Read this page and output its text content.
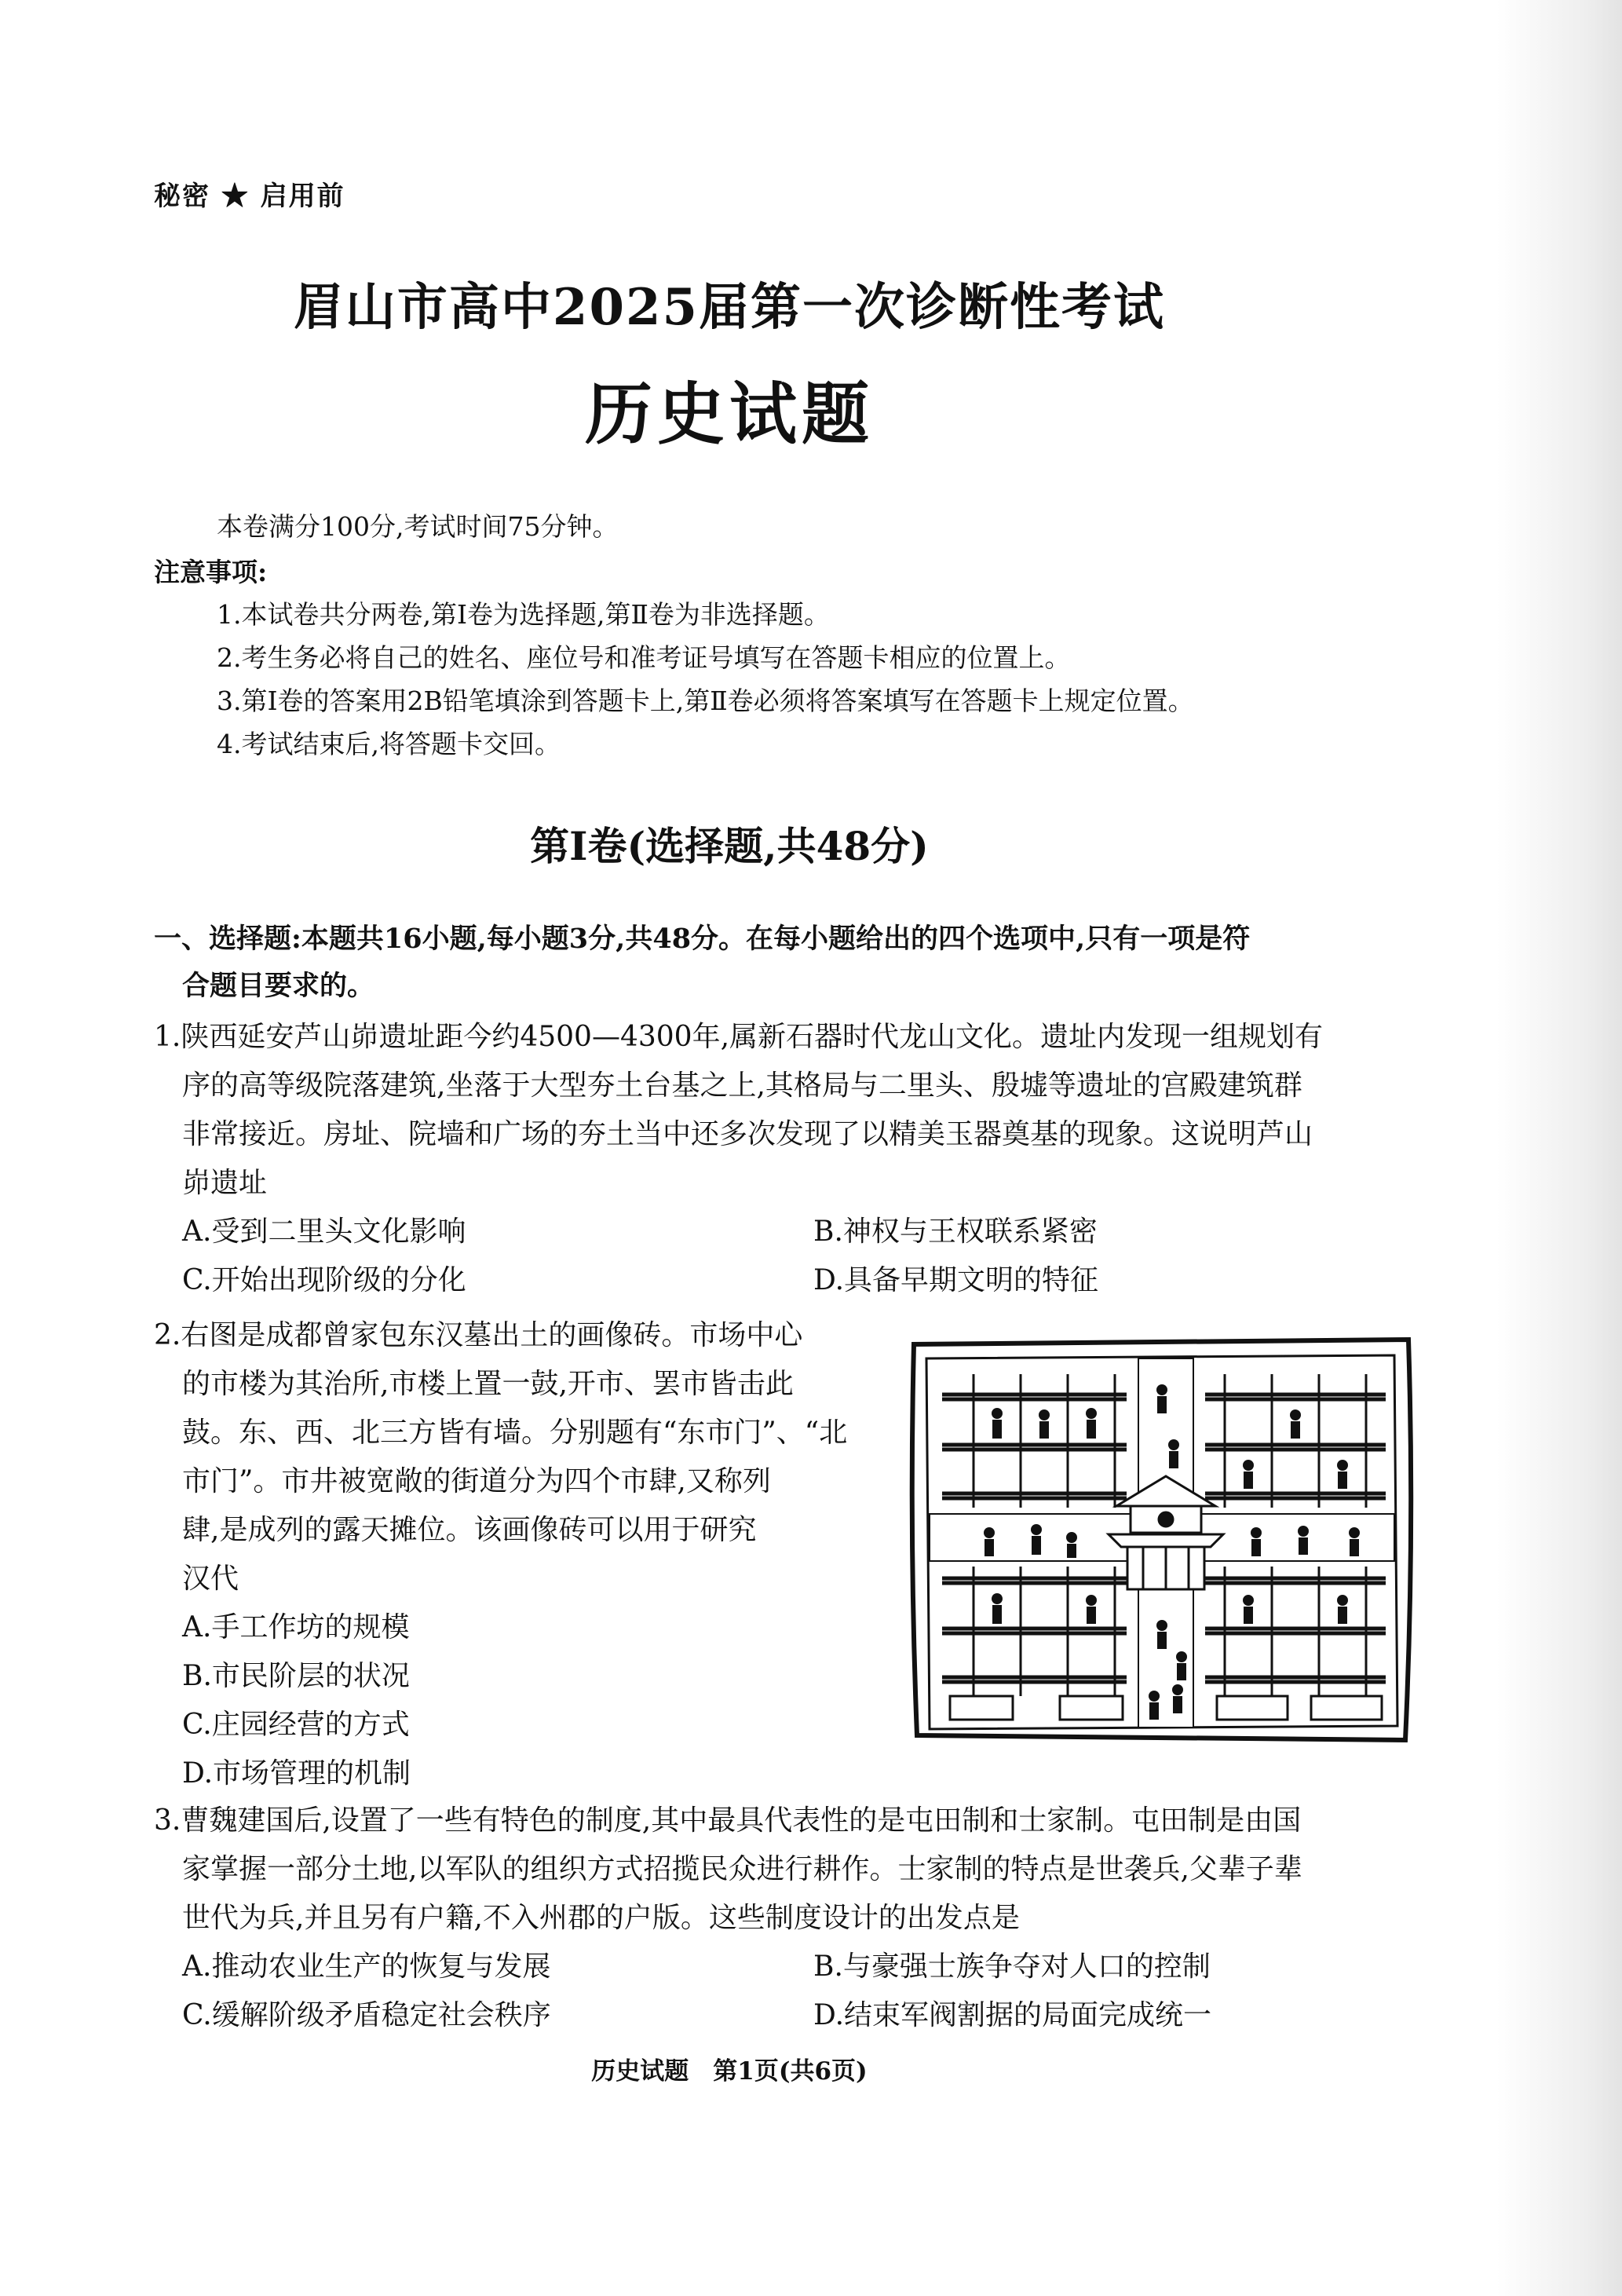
秘密 ★ 启用前
眉山市高中2025届第一次诊断性考试
历史试题
本卷满分100分,考试时间75分钟。
注意事项:
1.本试卷共分两卷,第Ⅰ卷为选择题,第Ⅱ卷为非选择题。
2.考生务必将自己的姓名、座位号和准考证号填写在答题卡相应的位置上。
3.第Ⅰ卷的答案用2B铅笔填涂到答题卡上,第Ⅱ卷必须将答案填写在答题卡上规定位置。
4.考试结束后,将答题卡交回。
第Ⅰ卷(选择题,共48分)
一、选择题:本题共16小题,每小题3分,共48分。在每小题给出的四个选项中,只有一项是符
合题目要求的。
1.陕西延安芦山峁遗址距今约4500—4300年,属新石器时代龙山文化。遗址内发现一组规划有
序的高等级院落建筑,坐落于大型夯土台基之上,其格局与二里头、殷墟等遗址的宫殿建筑群
非常接近。房址、院墙和广场的夯土当中还多次发现了以精美玉器奠基的现象。这说明芦山
峁遗址
A.受到二里头文化影响	B.神权与王权联系紧密
C.开始出现阶级的分化	D.具备早期文明的特征
2.右图是成都曾家包东汉墓出土的画像砖。市场中心
的市楼为其治所,市楼上置一鼓,开市、罢市皆击此
鼓。东、西、北三方皆有墙。分别题有“东市门”、“北
市门”。市井被宽敞的街道分为四个市肆,又称列
肆,是成列的露天摊位。该画像砖可以用于研究
汉代
A.手工作坊的规模
B.市民阶层的状况
C.庄园经营的方式
D.市场管理的机制
3.曹魏建国后,设置了一些有特色的制度,其中最具代表性的是屯田制和士家制。屯田制是由国
家掌握一部分土地,以军队的组织方式招揽民众进行耕作。士家制的特点是世袭兵,父辈子辈
世代为兵,并且另有户籍,不入州郡的户版。这些制度设计的出发点是
A.推动农业生产的恢复与发展	B.与豪强士族争夺对人口的控制
C.缓解阶级矛盾稳定社会秩序	D.结束军阀割据的局面完成统一
历史试题　第1页(共6页)
